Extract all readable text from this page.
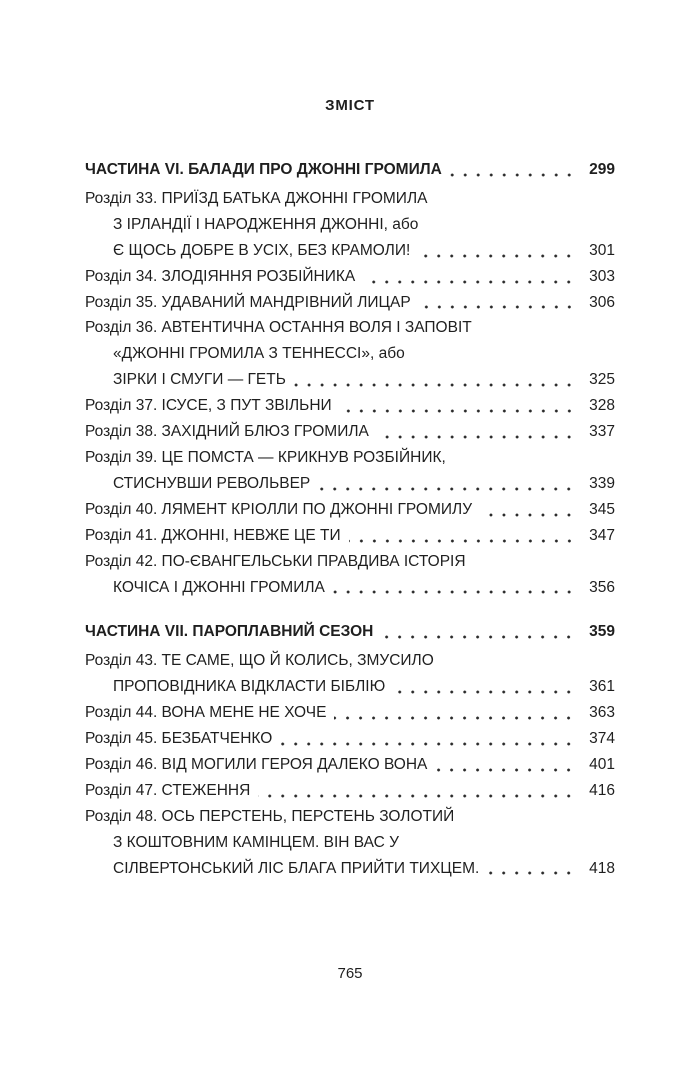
ЗМІСТ
ЧАСТИНА VI. БАЛАДИ ПРО ДЖОННІ ГРОМИЛА	299
Розділ 33. ПРИЇЗД БАТЬКА ДЖОННІ ГРОМИЛА
З ІРЛАНДІЇ І НАРОДЖЕННЯ ДЖОННІ, або
Є ЩОСЬ ДОБРЕ В УСІХ, БЕЗ КРАМОЛИ!	301
Розділ 34. ЗЛОДІЯННЯ РОЗБІЙНИКА	303
Розділ 35. УДАВАНИЙ МАНДРІВНИЙ ЛИЦАР	306
Розділ 36. АВТЕНТИЧНА ОСТАННЯ ВОЛЯ І ЗАПОВІТ
«ДЖОННІ ГРОМИЛА З ТЕННЕССІ», або
ЗІРКИ І СМУГИ — ГЕТЬ	325
Розділ 37. ІСУСЕ, З ПУТ ЗВІЛЬНИ	328
Розділ 38. ЗАХІДНИЙ БЛЮЗ ГРОМИЛА	337
Розділ 39. ЦЕ ПОМСТА — КРИКНУВ РОЗБІЙНИК,
СТИСНУВШИ РЕВОЛЬВЕР	339
Розділ 40. ЛЯМЕНТ КРІОЛЛИ ПО ДЖОННІ ГРОМИЛУ	345
Розділ 41. ДЖОННІ, НЕВЖЕ ЦЕ ТИ	347
Розділ 42. ПО-ЄВАНГЕЛЬСЬКИ ПРАВДИВА ІСТОРІЯ
КОЧІСА І ДЖОННІ ГРОМИЛА	356
ЧАСТИНА VII. ПАРОПЛАВНИЙ СЕЗОН	359
Розділ 43. ТЕ САМЕ, ЩО Й КОЛИСЬ, ЗМУСИЛО
ПРОПОВІДНИКА ВІДКЛАСТИ БІБЛІЮ	361
Розділ 44. ВОНА МЕНЕ НЕ ХОЧЕ	363
Розділ 45. БЕЗБАТЧЕНКО	374
Розділ 46. ВІД МОГИЛИ ГЕРОЯ ДАЛЕКО ВОНА	401
Розділ 47. СТЕЖЕННЯ	416
Розділ 48. ОСЬ ПЕРСТЕНЬ, ПЕРСТЕНЬ ЗОЛОТИЙ
З КОШТОВНИМ КАМІНЦЕМ. ВІН ВАС У
СІЛВЕРТОНСЬКИЙ ЛІС БЛАГА ПРИЙТИ ТИХЦЕМ.	418
765
